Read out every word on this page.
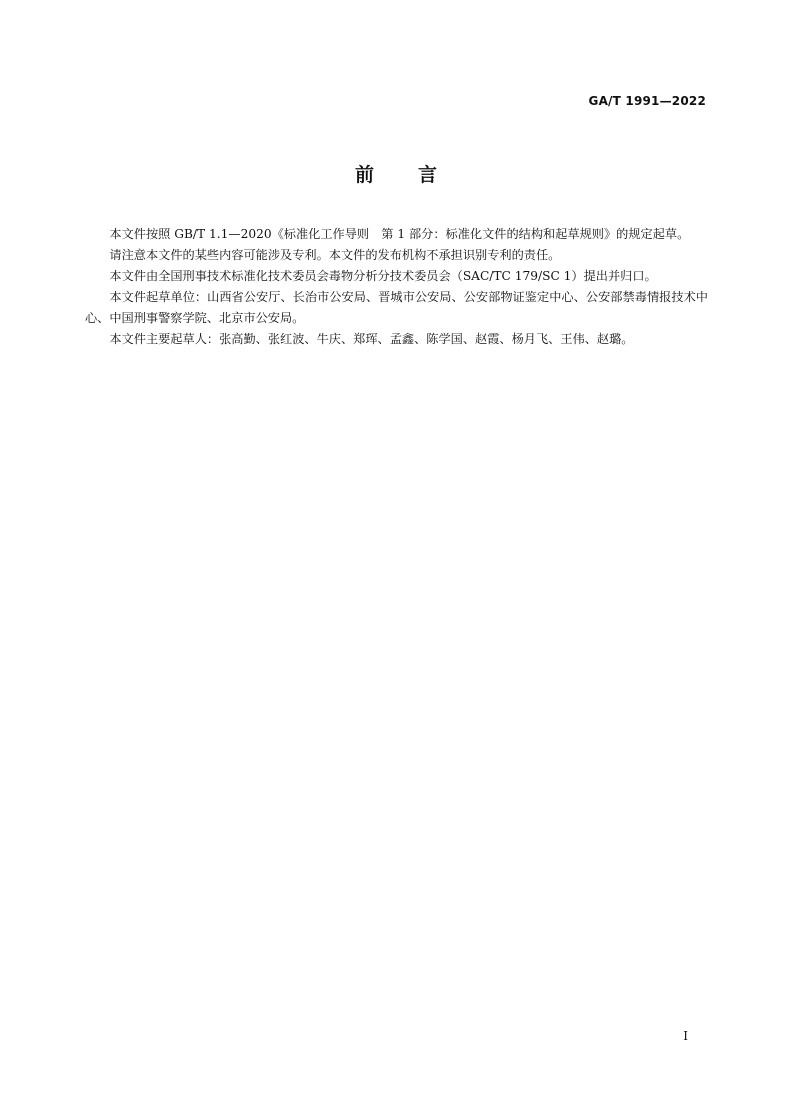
GA/T 1991—2022
前 言

本文件按照 GB/T 1.1—2020《标准化工作导则　第 1 部分：标准化文件的结构和起草规则》的规定起草。

请注意本文件的某些内容可能涉及专利。本文件的发布机构不承担识别专利的责任。

本文件由全国刑事技术标准化技术委员会毒物分析分技术委员会（SAC/TC 179/SC 1）提出并归口。

本文件起草单位：山西省公安厅、长治市公安局、晋城市公安局、公安部物证鉴定中心、公安部禁毒情报技术中心、中国刑事警察学院、北京市公安局。

本文件主要起草人：张高勤、张红波、牛庆、郑珲、孟鑫、陈学国、赵霞、杨月飞、王伟、赵璐。

I
